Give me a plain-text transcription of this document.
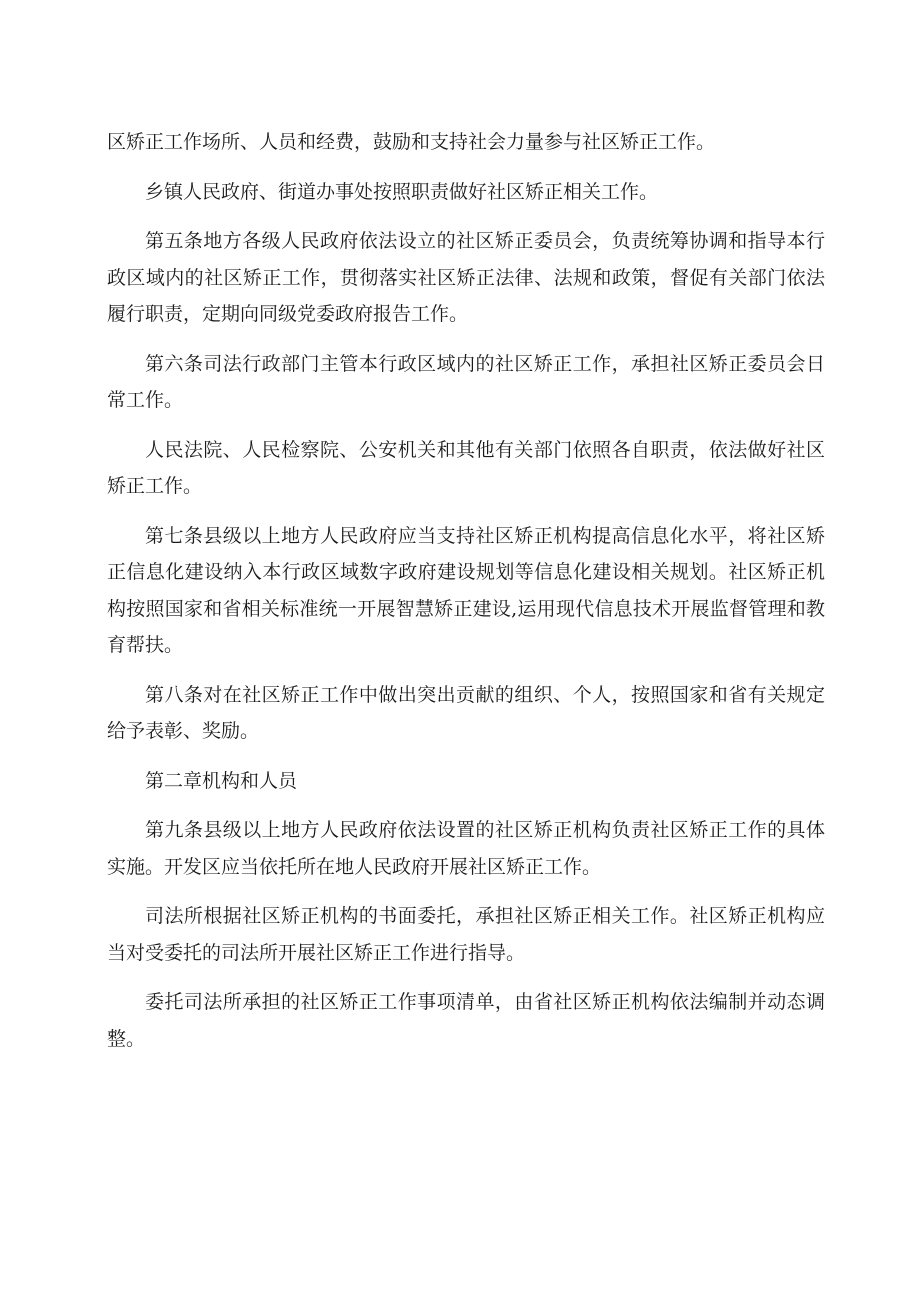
区矫正工作场所、人员和经费，鼓励和支持社会力量参与社区矫正工作。

乡镇人民政府、街道办事处按照职责做好社区矫正相关工作。

第五条地方各级人民政府依法设立的社区矫正委员会，负责统筹协调和指导本行政区域内的社区矫正工作，贯彻落实社区矫正法律、法规和政策，督促有关部门依法履行职责，定期向同级党委政府报告工作。

第六条司法行政部门主管本行政区域内的社区矫正工作，承担社区矫正委员会日常工作。

人民法院、人民检察院、公安机关和其他有关部门依照各自职责，依法做好社区矫正工作。

第七条县级以上地方人民政府应当支持社区矫正机构提高信息化水平，将社区矫正信息化建设纳入本行政区域数字政府建设规划等信息化建设相关规划。社区矫正机构按照国家和省相关标准统一开展智慧矫正建设,运用现代信息技术开展监督管理和教育帮扶。

第八条对在社区矫正工作中做出突出贡献的组织、个人，按照国家和省有关规定给予表彰、奖励。

第二章机构和人员

第九条县级以上地方人民政府依法设置的社区矫正机构负责社区矫正工作的具体实施。开发区应当依托所在地人民政府开展社区矫正工作。

司法所根据社区矫正机构的书面委托，承担社区矫正相关工作。社区矫正机构应当对受委托的司法所开展社区矫正工作进行指导。

委托司法所承担的社区矫正工作事项清单，由省社区矫正机构依法编制并动态调整。
